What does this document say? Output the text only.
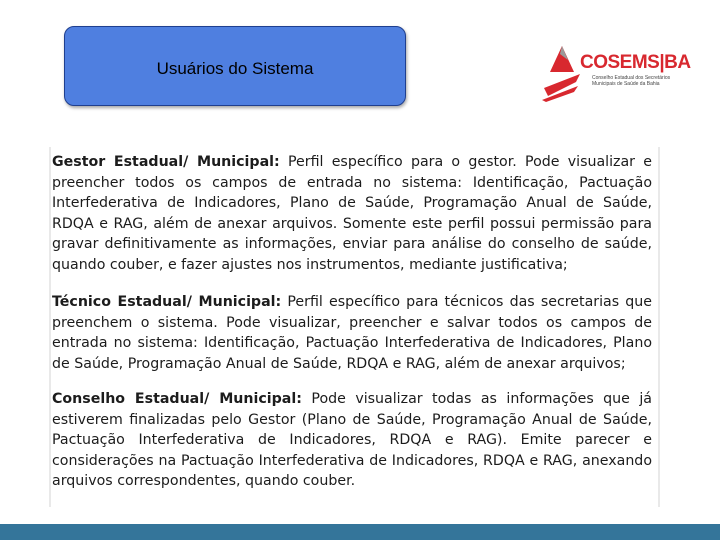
Usuários do Sistema	COSEMS|BA
Conselho Estadual dos Secretários
Municipais de Saúde da Bahia

Gestor Estadual/ Municipal: Perfil específico para o gestor. Pode visualizar e preencher todos os campos de entrada no sistema: Identificação, Pactuação Interfederativa de Indicadores, Plano de Saúde, Programação Anual de Saúde, RDQA e RAG, além de anexar arquivos. Somente este perfil possui permissão para gravar definitivamente as informações, enviar para análise do conselho de saúde, quando couber, e fazer ajustes nos instrumentos, mediante justificativa;

Técnico Estadual/ Municipal: Perfil específico para técnicos das secretarias que preenchem o sistema. Pode visualizar, preencher e salvar todos os campos de entrada no sistema: Identificação, Pactuação Interfederativa de Indicadores, Plano de Saúde, Programação Anual de Saúde, RDQA e RAG, além de anexar arquivos;

Conselho Estadual/ Municipal: Pode visualizar todas as informações que já estiverem finalizadas pelo Gestor (Plano de Saúde, Programação Anual de Saúde, Pactuação Interfederativa de Indicadores, RDQA e RAG). Emite parecer e considerações na Pactuação Interfederativa de Indicadores, RDQA e RAG, anexando arquivos correspondentes, quando couber.
